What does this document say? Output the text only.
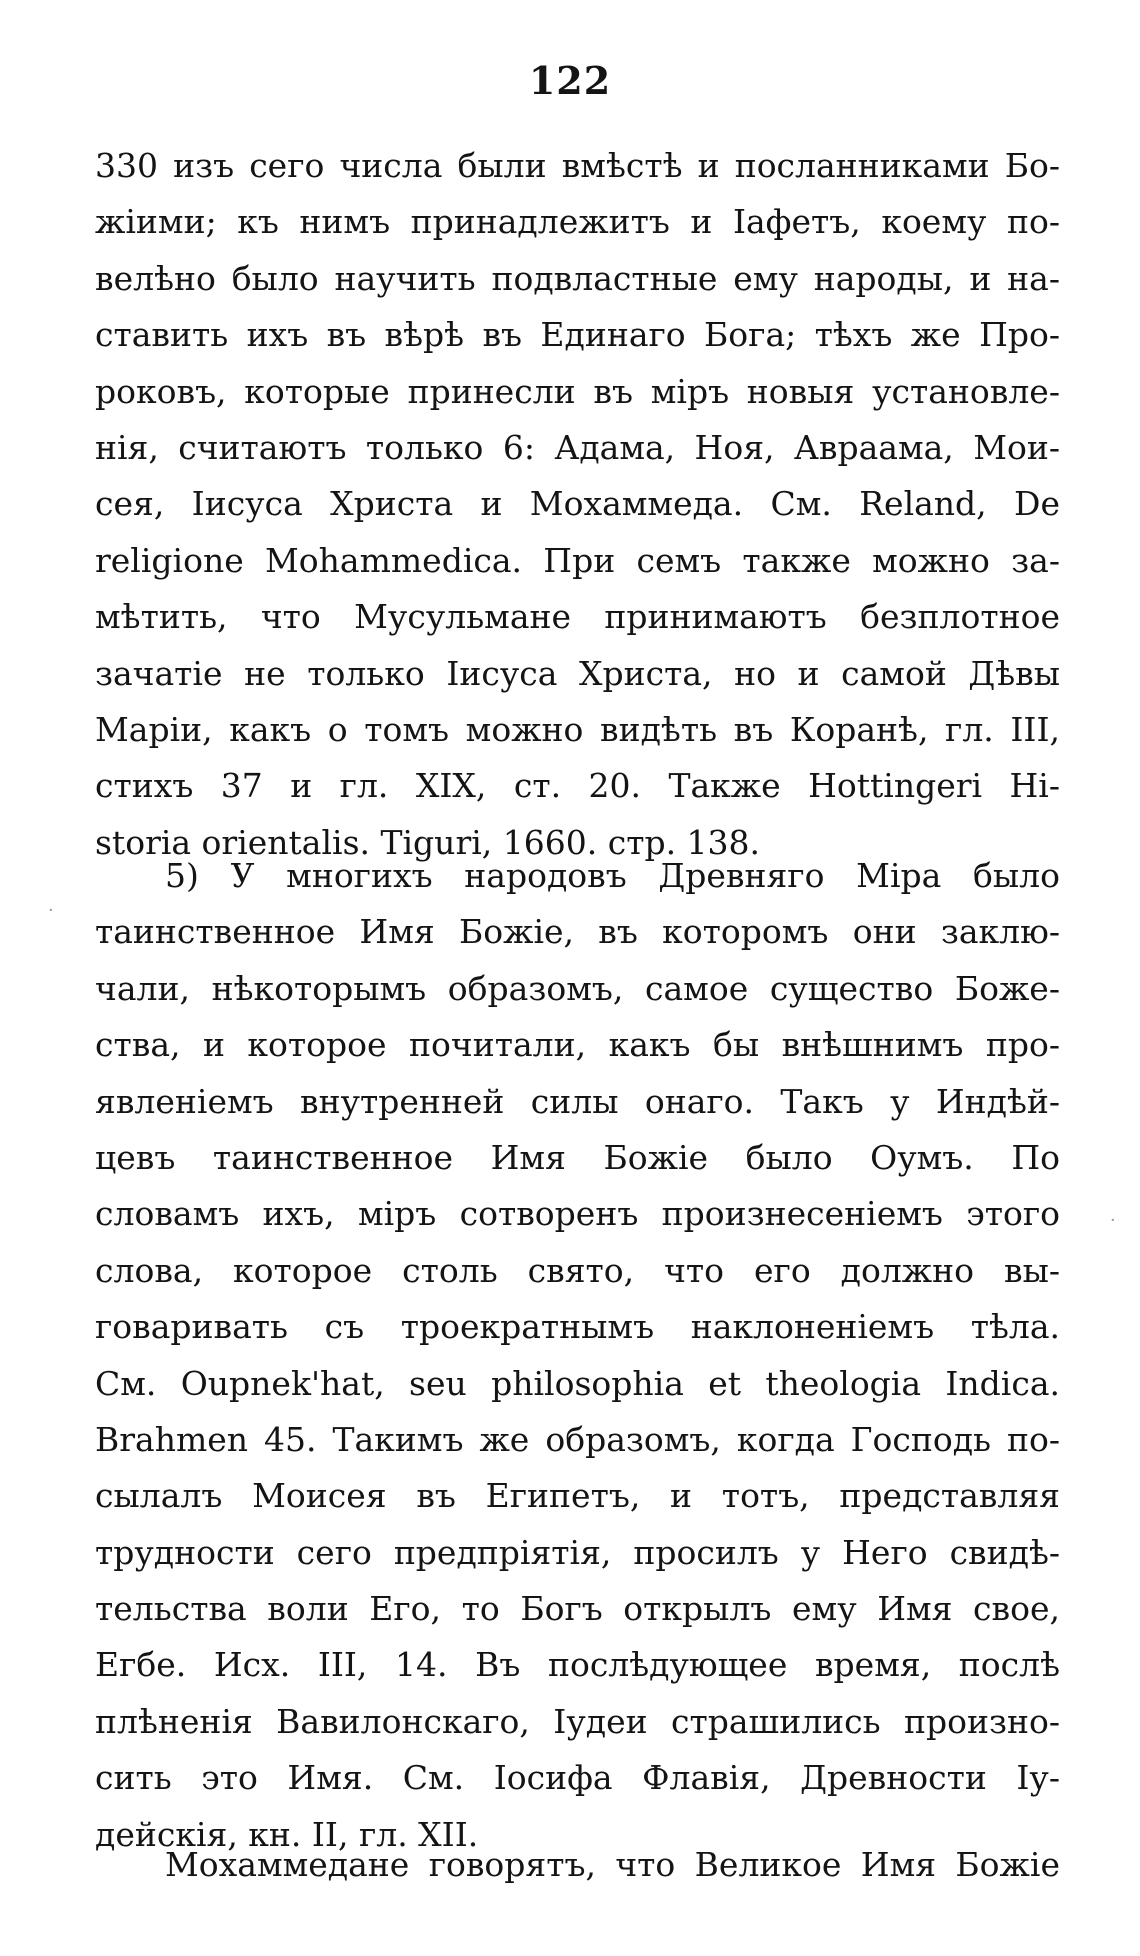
122
330 изъ сего числа были вмѣстѣ и посланниками Бо-
жіими; къ нимъ принадлежитъ и Іафетъ, коему по-
велѣно было научить подвластные ему народы, и на-
ставить ихъ въ вѣрѣ въ Единаго Бога; тѣхъ же Про-
роковъ, которые принесли въ міръ новыя установле-
нія, считаютъ только 6: Адама, Ноя, Авраама, Мои-
сея, Іисуса Христа и Мохаммеда. См. Reland, De
religione Mohammedica. При семъ также можно за-
мѣтить, что Мусульмане принимаютъ безплотное
зачатіе не только Іисуса Христа, но и самой Дѣвы
Маріи, какъ о томъ можно видѣть въ Коранѣ, гл. III,
стихъ 37 и гл. XIX, ст. 20. Также Hottingeri Hi-
storia orientalis. Tiguri, 1660. стр. 138.
5) У многихъ народовъ Древняго Міра было
таинственное Имя Божіе, въ которомъ они заклю-
чали, нѣкоторымъ образомъ, самое существо Боже-
ства, и которое почитали, какъ бы внѣшнимъ про-
явленіемъ внутренней силы онаго. Такъ у Индѣй-
цевъ таинственное Имя Божіе было Оумъ. По
словамъ ихъ, міръ сотворенъ произнесеніемъ этого
слова, которое столь свято, что его должно вы-
говаривать съ троекратнымъ наклоненіемъ тѣла.
См. Oupnek'hat, seu philosophia et theologia Indica.
Brahmen 45. Такимъ же образомъ, когда Господь по-
сылалъ Моисея въ Египетъ, и тотъ, представляя
трудности сего предпріятія, просилъ у Него свидѣ-
тельства воли Его, то Богъ открылъ ему Имя свое,
Егбе. Исх. III, 14. Въ послѣдующее время, послѣ
плѣненія Вавилонскаго, Іудеи страшились произно-
сить это Имя. См. Іосифа Флавія, Древности Іу-
дейскія, кн. II, гл. XII.
Мохаммедане говорятъ, что Великое Имя Божіе
·
·
